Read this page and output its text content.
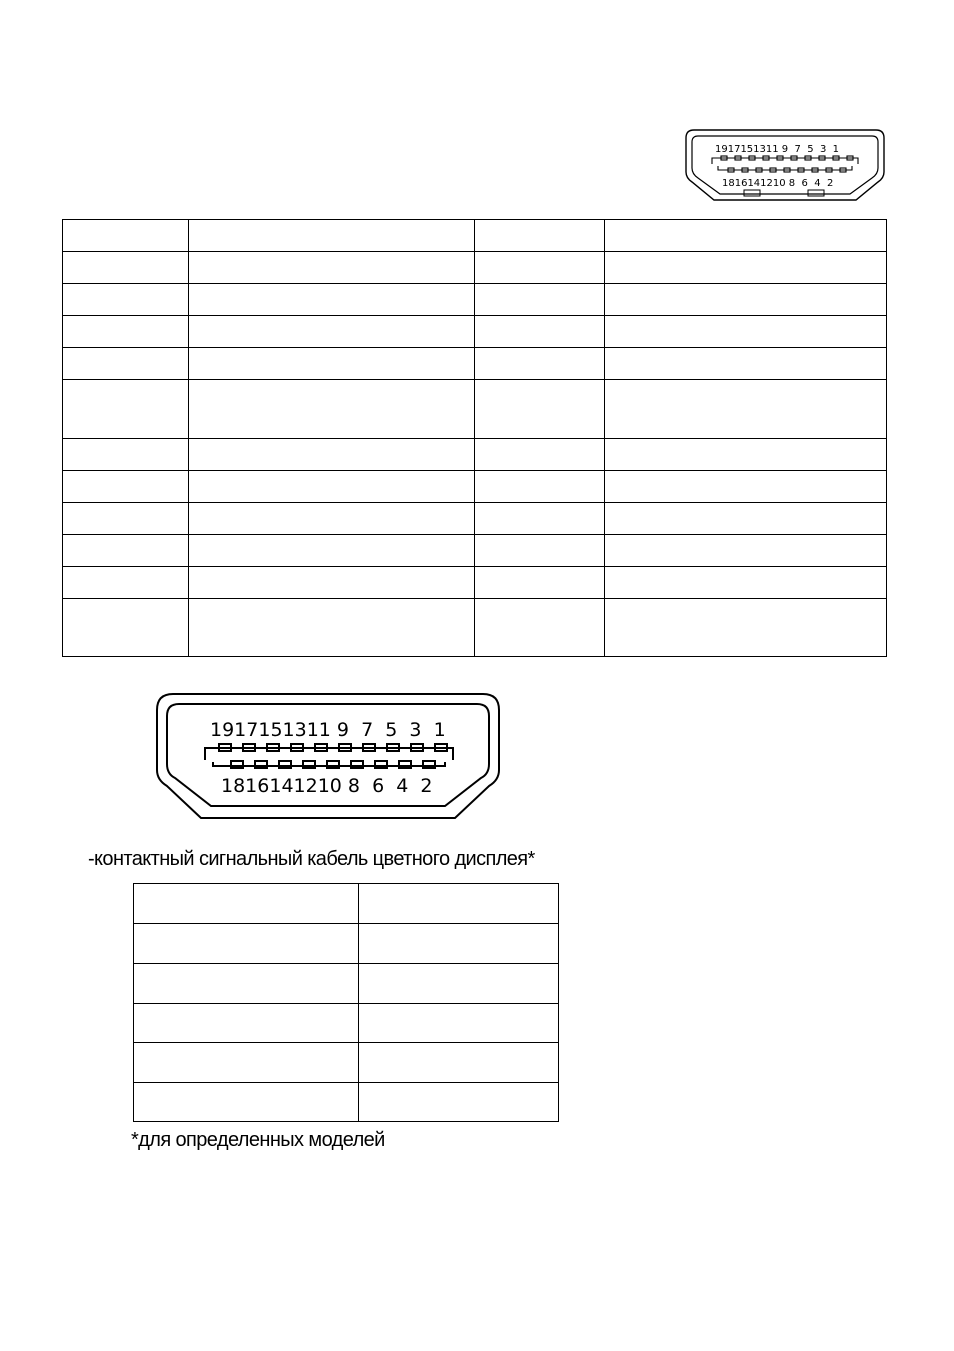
1917151311 9  7  5  3  1
1816141210 8  6  4  2

1917151311 9  7  5  3  1
1816141210 8  6  4  2
-контактный сигнальный кабель цветного дисплея*

*для определенных моделей
